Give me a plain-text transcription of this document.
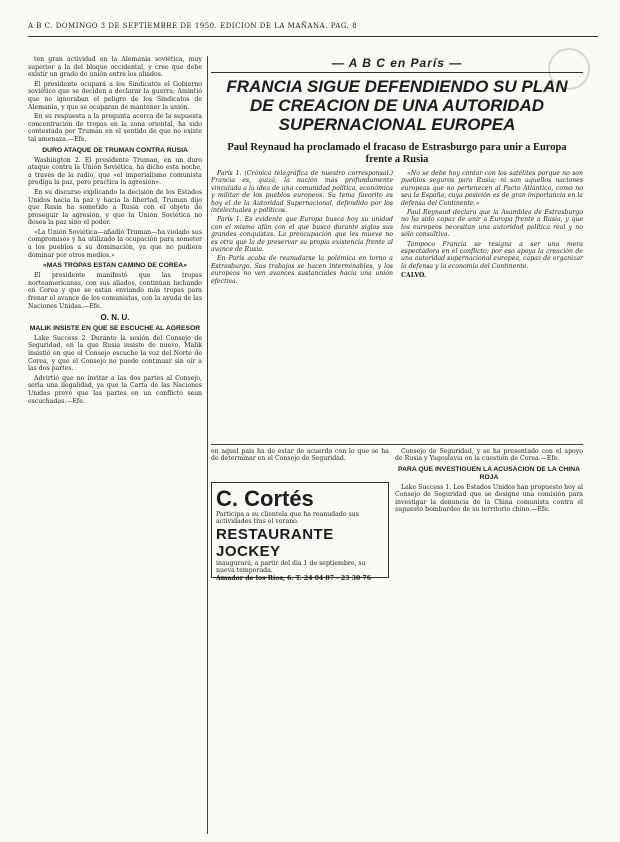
A B C. DOMINGO 3 DE SEPTIEMBRE DE 1950. EDICION DE LA MAÑANA. PAG. 8

ten gran actividad en la Alemania soviética, muy superior a la del bloque occidental, y cree que debe existir un grado de unión entre los aliados.

El presidente ocupará a los Sindicatos el Gobierno soviético que se deciden a declarar la guerra; Amintió que no ignoraban el peligro de los Sindicatos de Alemania, y que se ocuparan de mantener la unión.

En su respuesta a la pregunta acerca de la supuesta concentración de tropas en la zona oriental, ha sido contestada por Truman en el sentido de que no existe tal amenaza.—Efe.

DURO ATAQUE DE TRUMAN CONTRA RUSIA

Washington 2. El presidente Truman, en un duro ataque contra la Unión Soviética, ha dicho esta noche, a través de la radio, que «el imperialismo comunista prediga la paz, pero practica la agresión».

En su discurso explicando la decisión de los Estados Unidos hacia la paz y hacia la libertad, Truman dijo que Rusia ha sometido a Rusia con el objeto de proseguir la agresión, y que la Unión Soviética no desea la paz sino el poder.

«La Unión Soviética—añadió Truman—ha violado sus compromisos y ha utilizado la ocupación para someter a los pueblos a su dominación, ya que no pudiera dominar por otros medios.»

«MAS TROPAS ESTAN CAMINO DE COREA»

El presidente manifestó que las tropas norteamericanas, con sus aliados, continúan luchando en Corea y que se están enviando más tropas para frenar el avance de los comunistas, con la ayuda de las Naciones Unidas.—Efe.

O. N. U.
MALIK INSISTE EN QUE SE ESCUCHE AL AGRESOR

Lake Success 2. Durante la sesión del Consejo de Seguridad, en la que Rusia insiste de nuevo, Malik insistió en que el Consejo escuche la voz del Norte de Corea, y que el Consejo no puede continuar sin oír a las dos partes.

Advirtió que no invitar a las dos partes al Consejo, sería una ilegalidad, ya que la Carta de las Naciones Unidas prevé que las partes en un conflicto sean escuchadas.—Efe.

— A B C en París —
FRANCIA SIGUE DEFENDIENDO SU PLAN DE CREACION DE UNA AUTORIDAD SUPERNACIONAL EUROPEA
Paul Reynaud ha proclamado el fracaso de Estrasburgo para unir a Europa frente a Rusia

París 1. (Crónica telegráfica de nuestro corresponsal.) Francia es, quizá, la nación más profundamente vinculada a la idea de una comunidad política, económica y militar de los pueblos europeos. Su tema favorito es hoy el de la Autoridad Supernacional, defendido por los intelectuales y políticos.

París 1. Es evidente que Europa busca hoy su unidad con el mismo afán con el que buscó durante siglos sus grandes conquistas. La preocupación que les mueve no es otra que la de preservar su propia existencia frente al avance de Rusia.

En París acaba de reanudarse la polémica en torno a Estrasburgo. Sus trabajos se hacen interminables, y los europeos no ven avances sustanciales hacia una unión efectiva.

«No se debe hoy contar con los satélites porque no son pueblos seguros para Rusia; ni son aquellos naciones europeas que no pertenecen al Pacto Atlántico, como no sea la España, cuya posición es de gran importancia en la defensa del Continente.»

Paul Reynaud declara que la Asamblea de Estrasburgo no ha sido capaz de unir a Europa frente a Rusia, y que los europeos necesitan una autoridad política real y no sólo consultiva.

Tampoco Francia se resigna a ser una mera espectadora en el conflicto; por eso apoya la creación de una autoridad supernacional europea, capaz de organizar la defensa y la economía del Continente.

CALVO.

en aquel país ha de estar de acuerdo con lo que se ha de determinar en el Consejo de Seguridad.
C. Cortés
Participa a su clientela que ha reanudado sus actividades tras el verano.
RESTAURANTE JOCKEY
inaugurará, a partir del día 1 de septiembre, su nueva temporada.
Amador de los Ríos, 6. T. 24 04 87 - 23 30 76

Consejo de Seguridad, y se ha presentado con el apoyo de Rusia y Yugoslavia en la cuestión de Corea.—Efe.

PARA QUE INVESTIGUEN LA ACUSACION DE LA CHINA ROJA

Lake Success 1. Los Estados Unidos han propuesto hoy al Consejo de Seguridad que se designe una comisión para investigar la denuncia de la China comunista contra el supuesto bombardeo de su territorio chino.—Efe.
